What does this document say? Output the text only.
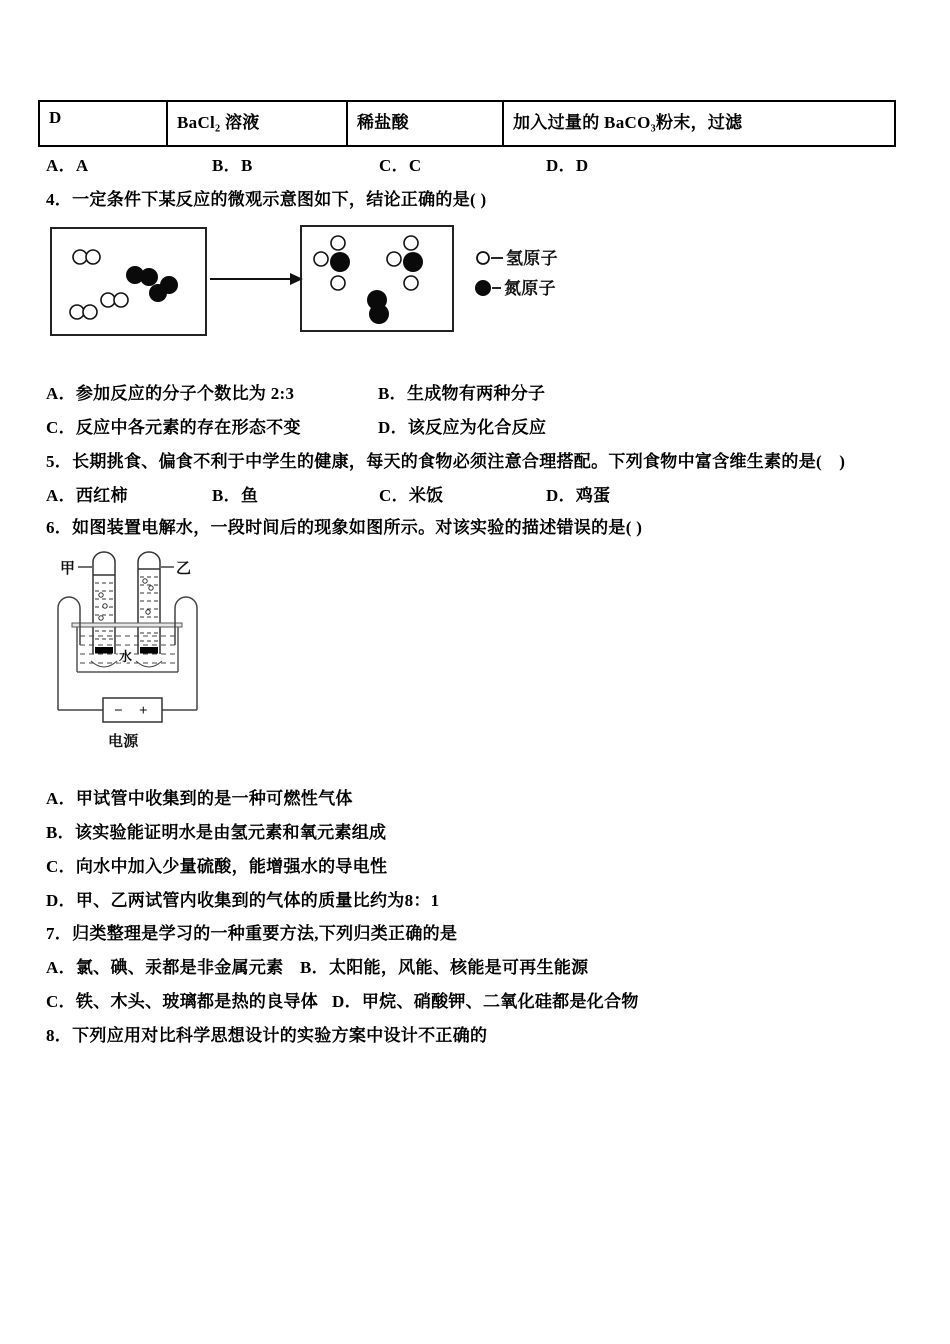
D	BaCl₂ 溶液	稀盐酸	加入过量的 BaCO₃粉末，过滤
A．A	B．B	C．C	D．D
4．一定条件下某反应的微观示意图如下，结论正确的是( )
氢原子
氮原子
A．参加反应的分子个数比为 2:3	B．生成物有两种分子
C．反应中各元素的存在形态不变	D．该反应为化合反应
5．长期挑食、偏食不利于中学生的健康，每天的食物必须注意合理搭配。下列食物中富含维生素的是(　)
A．西红柿	B．鱼	C．米饭	D．鸡蛋
6．如图装置电解水，一段时间后的现象如图所示。对该实验的描述错误的是( )
甲	乙
水
− +
电源
A．甲试管中收集到的是一种可燃性气体
B．该实验能证明水是由氢元素和氧元素组成
C．向水中加入少量硫酸，能增强水的导电性
D．甲、乙两试管内收集到的气体的质量比约为8：1
7．归类整理是学习的一种重要方法,下列归类正确的是
A．氯、碘、汞都是非金属元素 B．太阳能，风能、核能是可再生能源
C．铁、木头、玻璃都是热的良导体 D．甲烷、硝酸钾、二氧化硅都是化合物
8．下列应用对比科学思想设计的实验方案中设计不正确的
